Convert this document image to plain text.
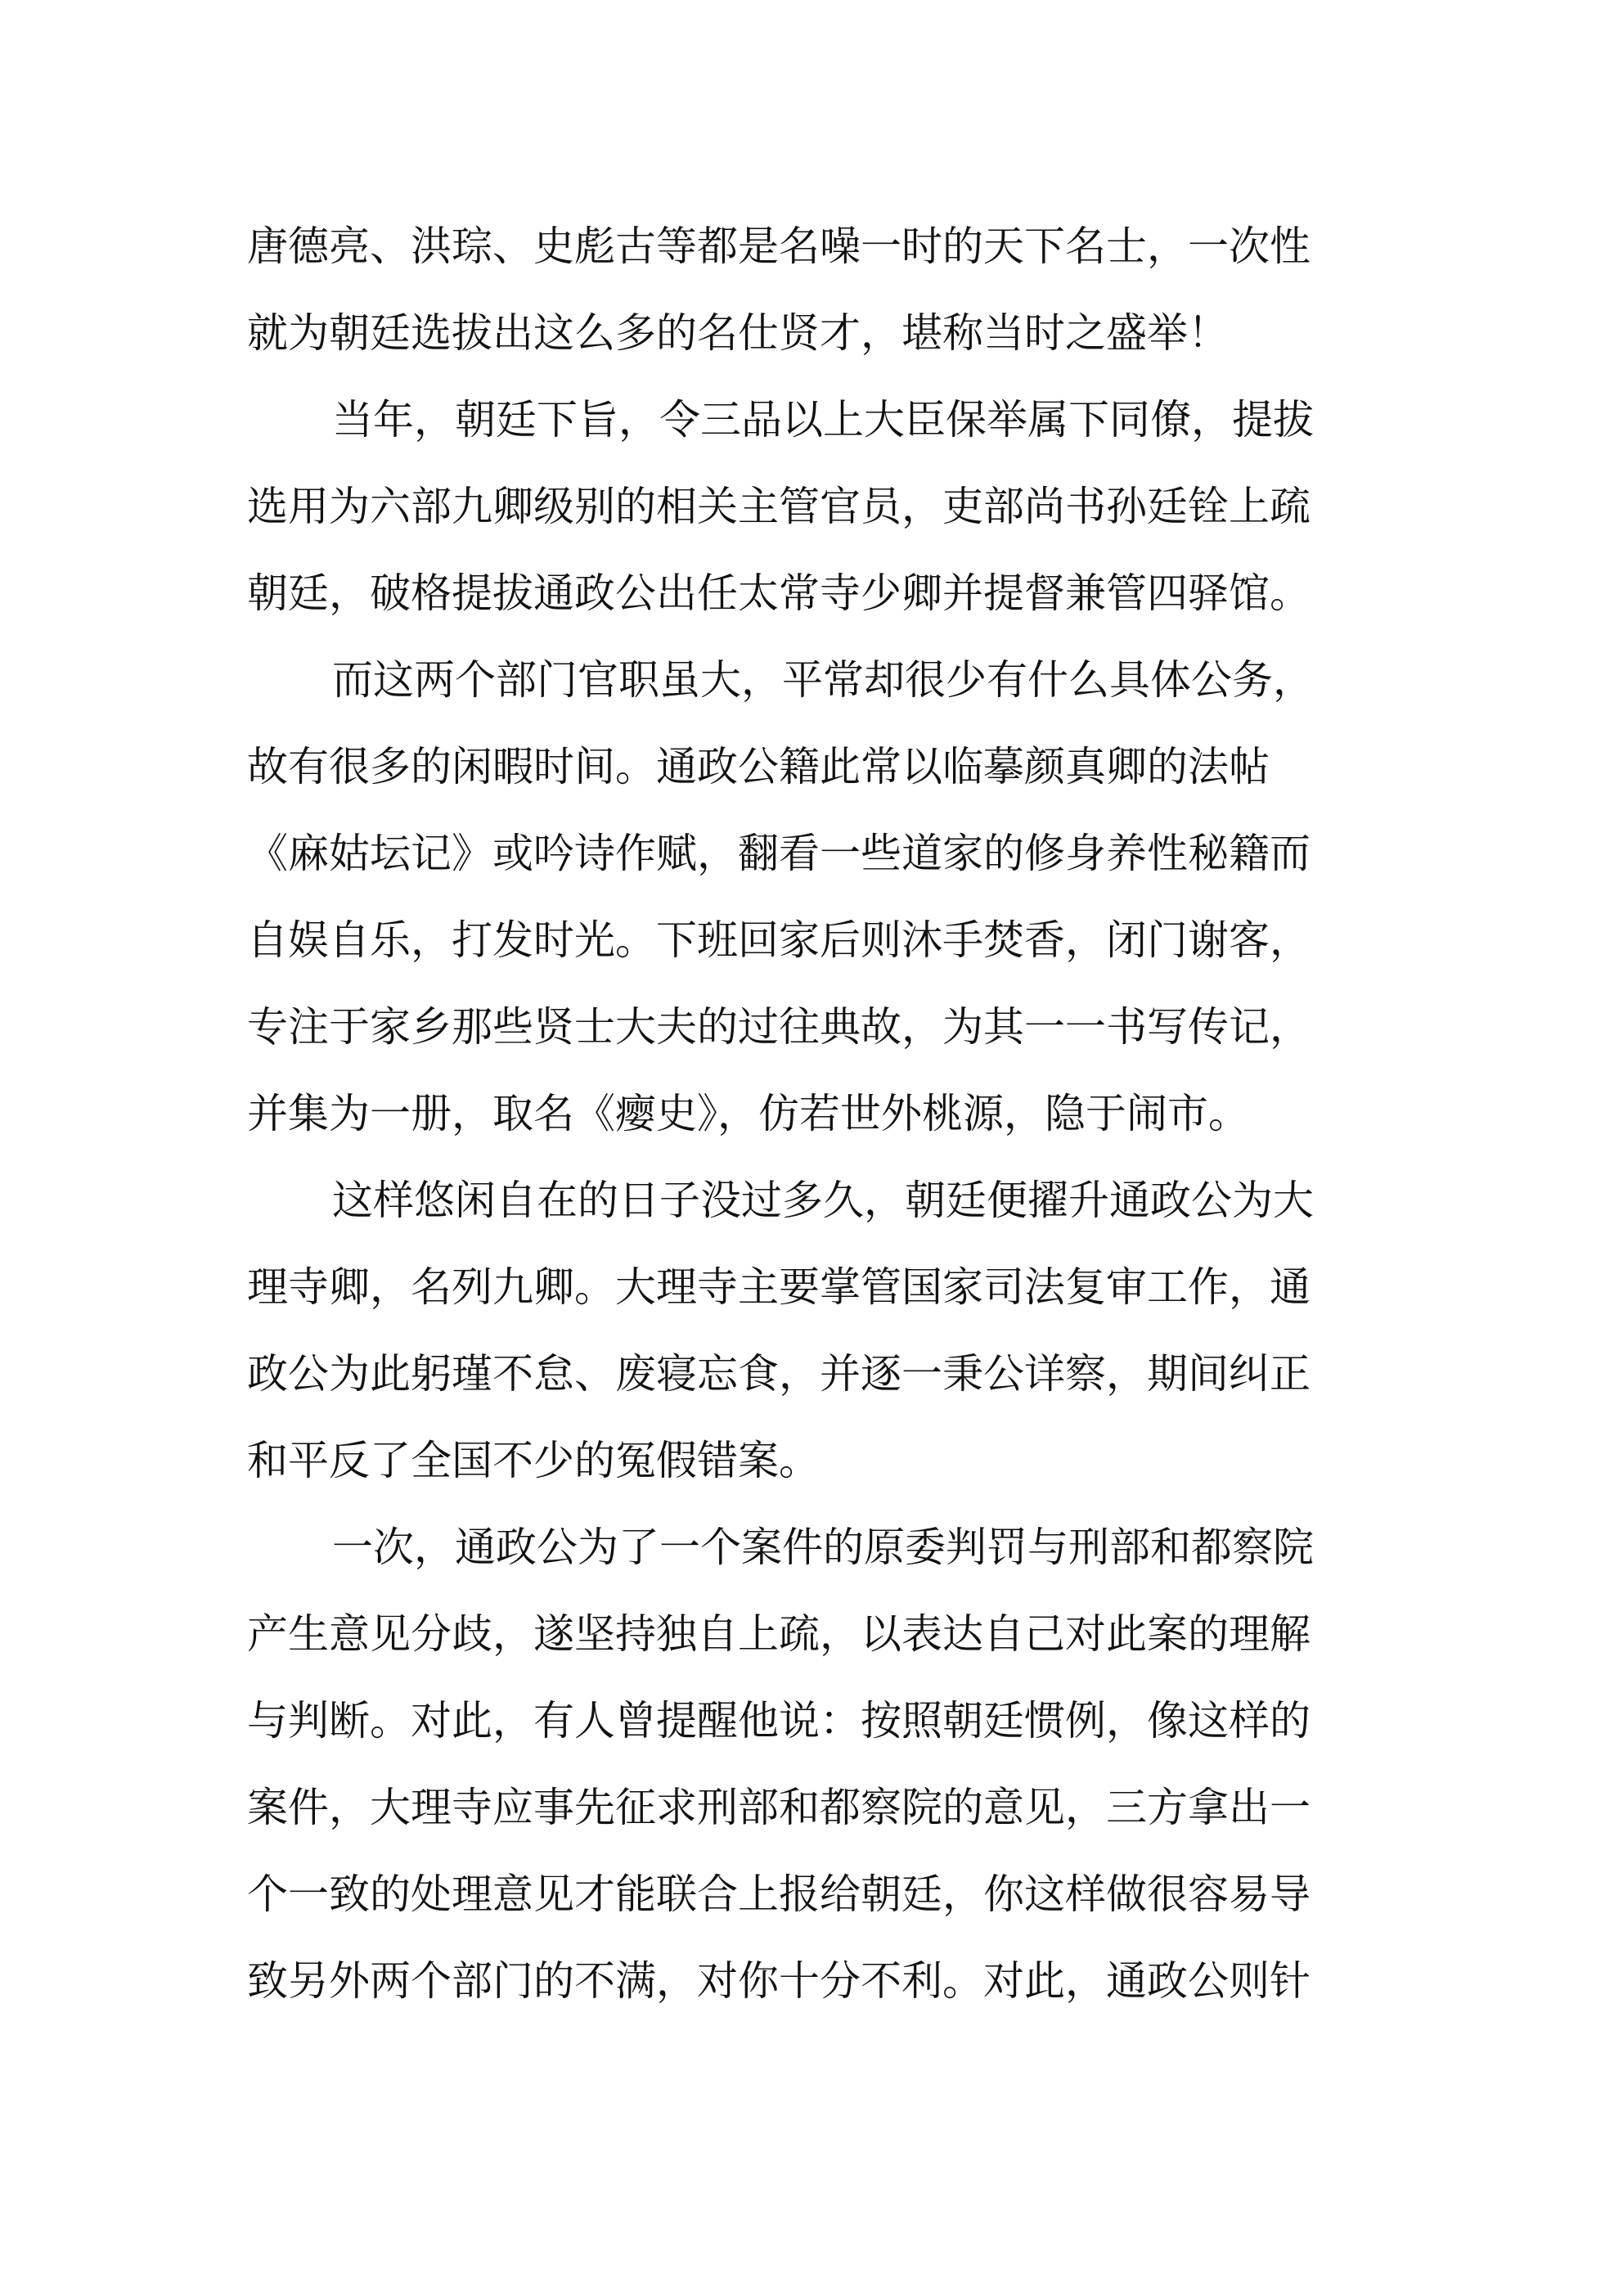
唐德亮、洪琮、史彪古等都是名噪一时的天下名士，一次性
就为朝廷选拔出这么多的名仕贤才，堪称当时之盛举！
当年，朝廷下旨，令三品以上大臣保举属下同僚，提拔
选用为六部九卿级别的相关主管官员，吏部尚书孙廷铨上疏
朝廷，破格提拔通政公出任太常寺少卿并提督兼管四驿馆。
而这两个部门官职虽大，平常却很少有什么具体公务，
故有很多的闲暇时间。通政公籍此常以临摹颜真卿的法帖
《麻姑坛记》或吟诗作赋，翻看一些道家的修身养性秘籍而
自娱自乐，打发时光。下班回家后则沐手焚香，闭门谢客，
专注于家乡那些贤士大夫的过往典故，为其一一书写传记，
并集为一册，取名《瘿史》，仿若世外桃源，隐于闹市。
这样悠闲自在的日子没过多久，朝廷便擢升通政公为大
理寺卿，名列九卿。大理寺主要掌管国家司法复审工作，通
政公为此躬瑾不怠、废寝忘食，并逐一秉公详察，期间纠正
和平反了全国不少的冤假错案。
一次，通政公为了一个案件的原委判罚与刑部和都察院
产生意见分歧，遂坚持独自上疏，以表达自己对此案的理解
与判断。对此，有人曾提醒他说：按照朝廷惯例，像这样的
案件，大理寺应事先征求刑部和都察院的意见，三方拿出一
个一致的处理意见才能联合上报给朝廷，你这样做很容易导
致另外两个部门的不满，对你十分不利。对此，通政公则针
